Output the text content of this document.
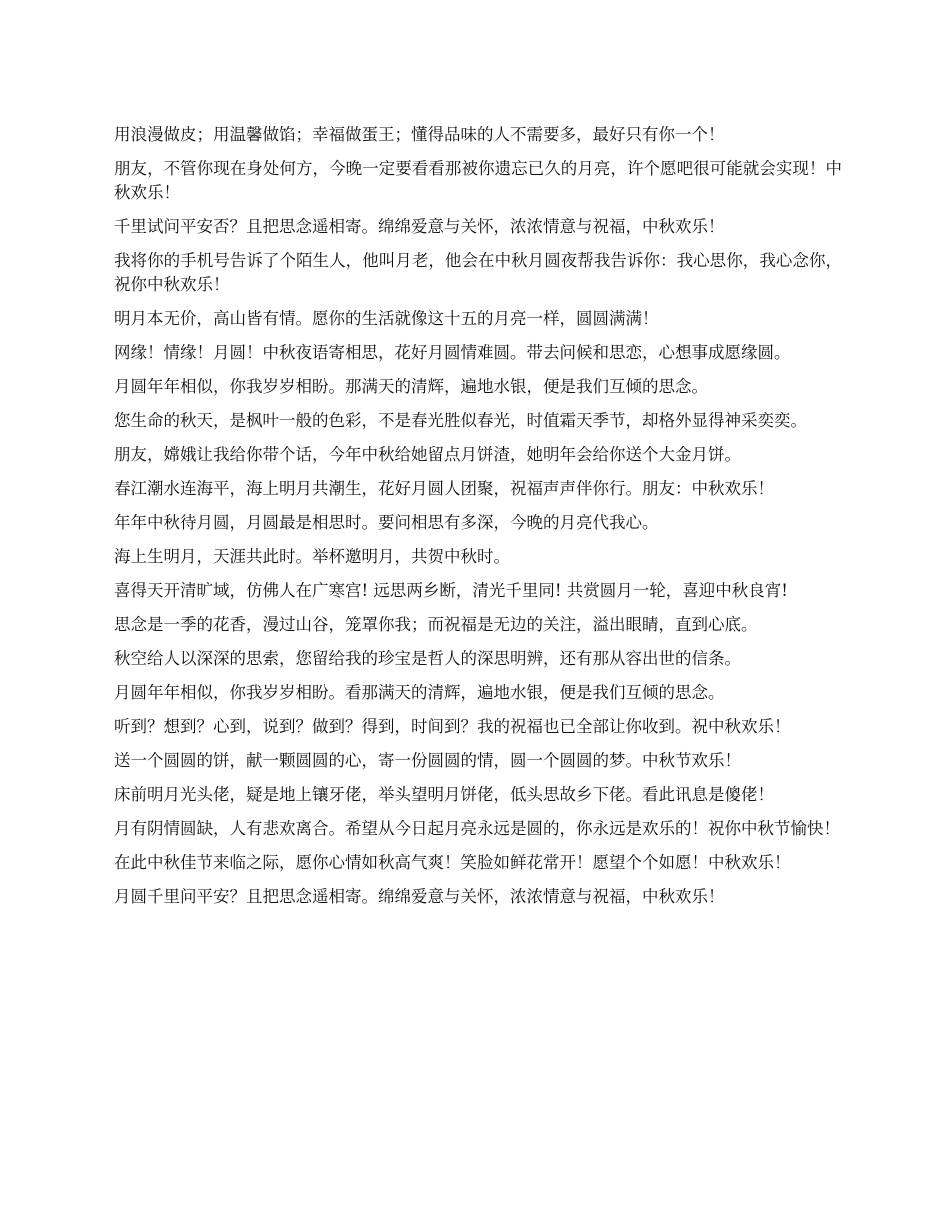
用浪漫做皮；用温馨做馅；幸福做蛋王；懂得品味的人不需要多，最好只有你一个！

朋友，不管你现在身处何方，今晚一定要看看那被你遗忘已久的月亮，许个愿吧很可能就会实现！中秋欢乐！

千里试问平安否？且把思念遥相寄。绵绵爱意与关怀，浓浓情意与祝福，中秋欢乐！

我将你的手机号告诉了个陌生人，他叫月老，他会在中秋月圆夜帮我告诉你：我心思你，我心念你，祝你中秋欢乐！

明月本无价，高山皆有情。愿你的生活就像这十五的月亮一样，圆圆满满！

网缘！情缘！月圆！中秋夜语寄相思，花好月圆情难圆。带去问候和思恋，心想事成愿缘圆。

月圆年年相似，你我岁岁相盼。那满天的清辉，遍地水银，便是我们互倾的思念。

您生命的秋天，是枫叶一般的色彩，不是春光胜似春光，时值霜天季节，却格外显得神采奕奕。

朋友，嫦娥让我给你带个话，今年中秋给她留点月饼渣，她明年会给你送个大金月饼。

春江潮水连海平，海上明月共潮生，花好月圆人团聚，祝福声声伴你行。朋友：中秋欢乐！

年年中秋待月圆，月圆最是相思时。要问相思有多深，今晚的月亮代我心。

海上生明月，天涯共此时。举杯邀明月，共贺中秋时。

喜得天开清旷域，仿佛人在广寒宫! 远思两乡断，清光千里同! 共赏圆月一轮，喜迎中秋良宵!

思念是一季的花香，漫过山谷，笼罩你我；而祝福是无边的关注，溢出眼睛，直到心底。

秋空给人以深深的思索，您留给我的珍宝是哲人的深思明辨，还有那从容出世的信条。

月圆年年相似，你我岁岁相盼。看那满天的清辉，遍地水银，便是我们互倾的思念。

听到？想到？心到，说到？做到？得到，时间到？我的祝福也已全部让你收到。祝中秋欢乐！

送一个圆圆的饼，献一颗圆圆的心，寄一份圆圆的情，圆一个圆圆的梦。中秋节欢乐！

床前明月光头佬，疑是地上镶牙佬，举头望明月饼佬，低头思故乡下佬。看此讯息是傻佬！

月有阴情圆缺，人有悲欢离合。希望从今日起月亮永远是圆的，你永远是欢乐的！祝你中秋节愉快！

在此中秋佳节来临之际，愿你心情如秋高气爽！笑脸如鲜花常开！愿望个个如愿！中秋欢乐！

月圆千里问平安？且把思念遥相寄。绵绵爱意与关怀，浓浓情意与祝福，中秋欢乐！
